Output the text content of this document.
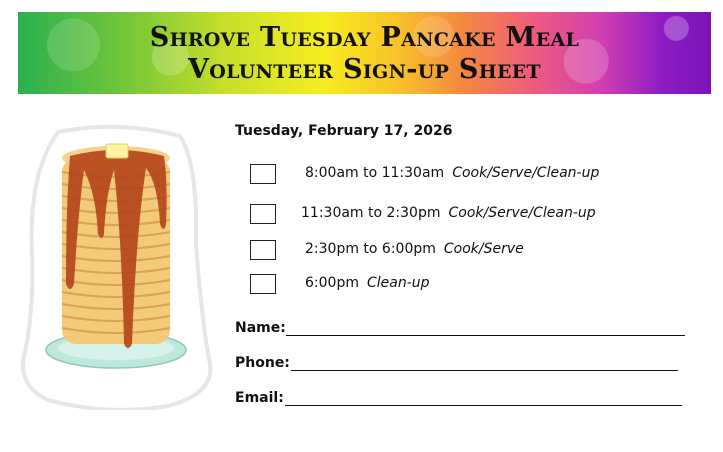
Shrove Tuesday Pancake Meal
Volunteer Sign-up Sheet
Tuesday, February 17, 2026
8:00am to 11:30am Cook/Serve/Clean-up
11:30am to 2:30pm Cook/Serve/Clean-up
2:30pm to 6:00pm Cook/Serve
6:00pm Clean-up
Name:
Phone:
Email:
